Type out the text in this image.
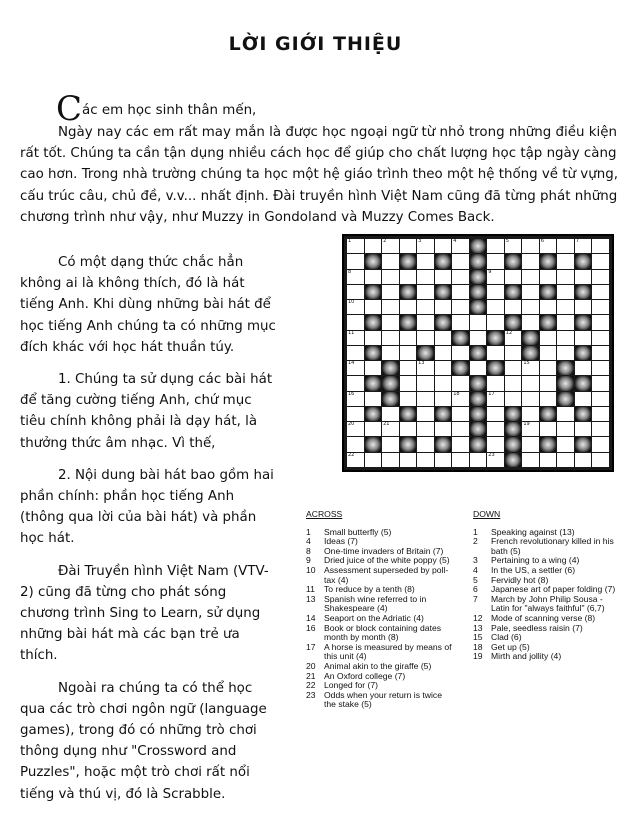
LỜI GIỚI THIỆU
Các em học sinh thân mến,

Ngày nay các em rất may mắn là được học ngoại ngữ từ nhỏ trong những điều kiện rất tốt. Chúng ta cần tận dụng nhiều cách học để giúp cho chất lượng học tập ngày càng cao hơn. Trong nhà trường chúng ta học một hệ giáo trình theo một hệ thống về từ vựng, cấu trúc câu, chủ đề, v.v... nhất định. Đài truyền hình Việt Nam cũng đã từng phát những chương trình như vậy, như Muzzy in Gondoland và Muzzy Comes Back.

Có một dạng thức chắc hẳn không ai là không thích, đó là hát tiếng Anh. Khi dùng những bài hát để học tiếng Anh chúng ta có những mục đích khác với học hát thuần túy.

1. Chúng ta sử dụng các bài hát để tăng cường tiếng Anh, chứ mục tiêu chính không phải là dạy hát, là thưởng thức âm nhạc. Vì thế,

2. Nội dung bài hát bao gồm hai phần chính: phần học tiếng Anh (thông qua lời của bài hát) và phần học hát.

Đài Truyền hình Việt Nam (VTV-2) cũng đã từng cho phát sóng chương trình Sing to Learn, sử dụng những bài hát mà các bạn trẻ ưa thích.

Ngoài ra chúng ta có thể học qua các trò chơi ngôn ngữ (language games), trong đó có những trò chơi thông dụng như "Crossword and Puzzles", hoặc một trò chơi rất nổi tiếng và thú vị, đó là Scrabble.

1	2	3	4	5	6	7
8	9
10
11	12
14	13	15
16	18	17
20	21	19
22	23
ACROSS
1	Small butterfly (5)
4	Ideas (7)
8	One-time invaders of Britain (7)
9	Dried juice of the white poppy (5)
10 Assessment superseded by poll-tax (4)
11	To reduce by a tenth (8)
13 Spanish wine referred to in Shakespeare (4)
14 Seaport on the Adriatic (4)
16 Book or block containing dates month by month (8)
17 A horse is measured by means of this unit (4)
20 Animal akin to the giraffe (5)
21 An Oxford college (7)
22 Longed for (7)
23 Odds when your return is twice the stake (5)
DOWN
1	Speaking against (13)
2	French revolutionary killed in his bath (5)
3	Pertaining to a wing (4)
4	In the US, a settler (6)
5	Fervidly hot (8)
6	Japanese art of paper folding (7)
7	March by John Philip Sousa - Latin for "always faithful" (6,7)
12 Mode of scanning verse (8)
13 Pale, seedless raisin (7)
15 Clad (6)
18 Get up (5)
19 Mirth and jollity (4)
